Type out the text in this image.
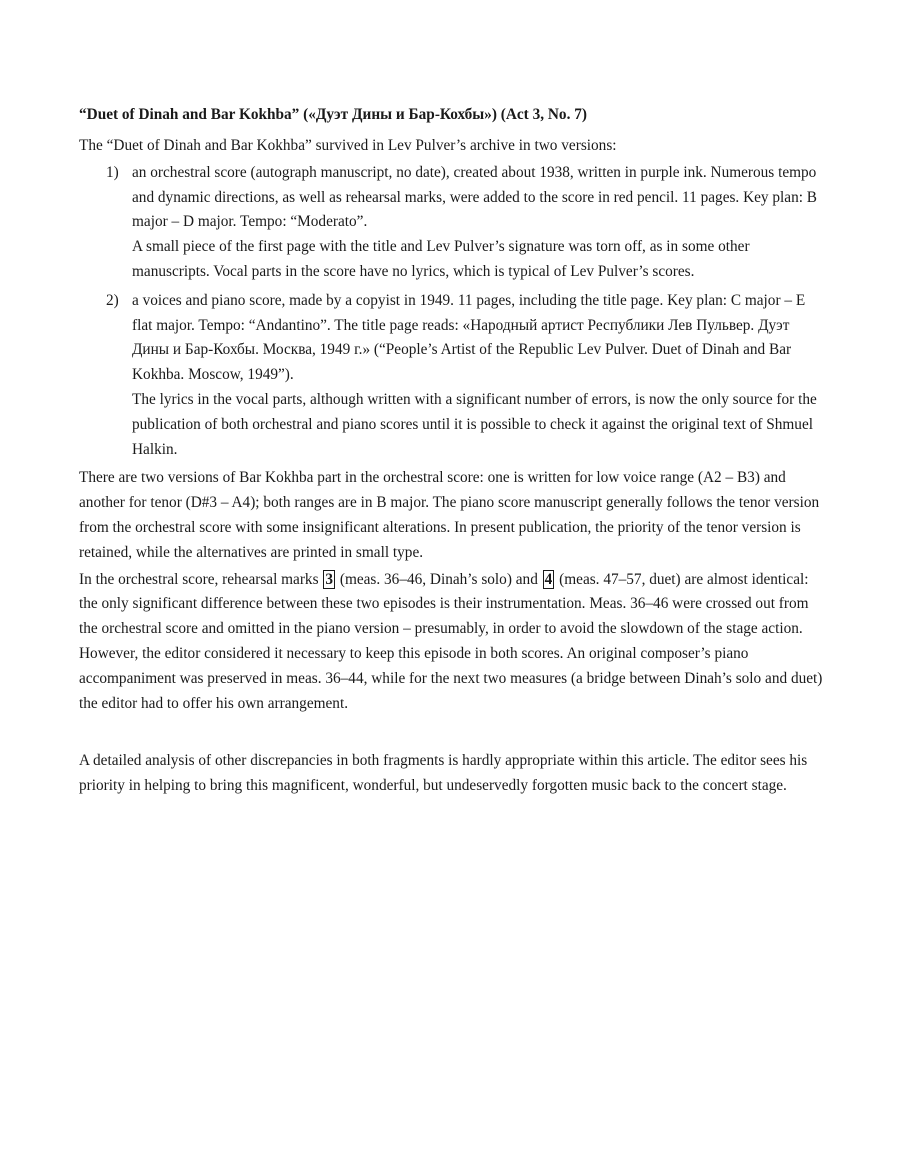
“Duet of Dinah and Bar Kokhba” («Дуэт Дины и Бар-Кохбы») (Act 3, No. 7)

The “Duet of Dinah and Bar Kokhba” survived in Lev Pulver’s archive in two versions:

1) an orchestral score (autograph manuscript, no date), created about 1938, written in purple ink. Numerous tempo and dynamic directions, as well as rehearsal marks, were added to the score in red pencil. 11 pages. Key plan: B major – D major. Tempo: “Moderato”.
A small piece of the first page with the title and Lev Pulver’s signature was torn off, as in some other manuscripts. Vocal parts in the score have no lyrics, which is typical of Lev Pulver’s scores.
2) a voices and piano score, made by a copyist in 1949. 11 pages, including the title page. Key plan: C major – E flat major. Tempo: “Andantino”. The title page reads: «Народный артист Республики Лев Пульвер. Дуэт Дины и Бар-Кохбы. Москва, 1949 г.» (“People’s Artist of the Republic Lev Pulver. Duet of Dinah and Bar Kokhba. Moscow, 1949”).
The lyrics in the vocal parts, although written with a significant number of errors, is now the only source for the publication of both orchestral and piano scores until it is possible to check it against the original text of Shmuel Halkin.

There are two versions of Bar Kokhba part in the orchestral score: one is written for low voice range (A2 – B3) and another for tenor (D#3 – A4); both ranges are in B major. The piano score manuscript generally follows the tenor version from the orchestral score with some insignificant alterations. In present publication, the priority of the tenor version is retained, while the alternatives are printed in small type.

In the orchestral score, rehearsal marks 3 (meas. 36–46, Dinah’s solo) and 4 (meas. 47–57, duet) are almost identical: the only significant difference between these two episodes is their instrumentation. Meas. 36–46 were crossed out from the orchestral score and omitted in the piano version – presumably, in order to avoid the slowdown of the stage action. However, the editor considered it necessary to keep this episode in both scores. An original composer’s piano accompaniment was preserved in meas. 36–44, while for the next two measures (a bridge between Dinah’s solo and duet) the editor had to offer his own arrangement.

A detailed analysis of other discrepancies in both fragments is hardly appropriate within this article. The editor sees his priority in helping to bring this magnificent, wonderful, but undeservedly forgotten music back to the concert stage.
